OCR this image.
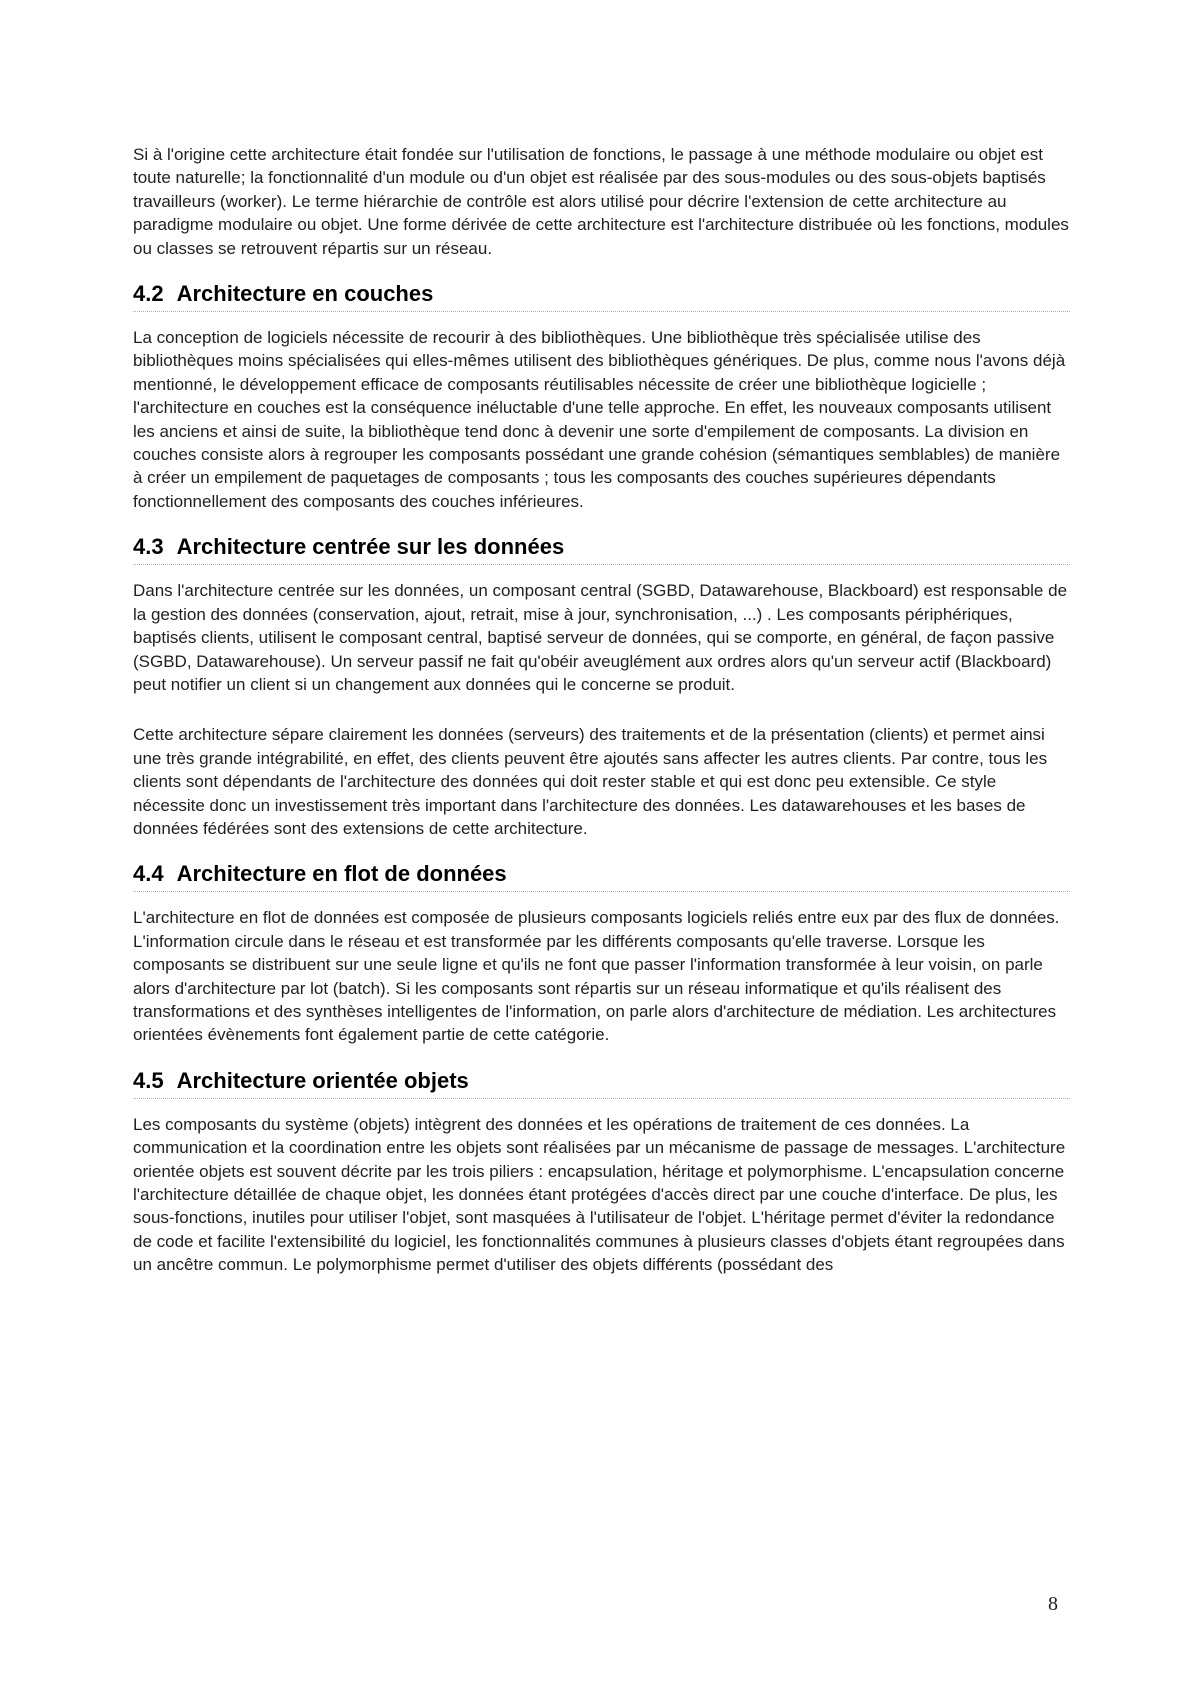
Si à l'origine cette architecture était fondée sur l'utilisation de fonctions, le passage à une méthode modulaire ou objet est toute naturelle; la fonctionnalité d'un module ou d'un objet est réalisée par des sous-modules ou des sous-objets baptisés travailleurs (worker). Le terme hiérarchie de contrôle est alors utilisé pour décrire l'extension de cette architecture au paradigme modulaire ou objet. Une forme dérivée de cette architecture est l'architecture distribuée où les fonctions, modules ou classes se retrouvent répartis sur un réseau.

4.2 Architecture en couches

La conception de logiciels nécessite de recourir à des bibliothèques. Une bibliothèque très spécialisée utilise des bibliothèques moins spécialisées qui elles-mêmes utilisent des bibliothèques génériques. De plus, comme nous l'avons déjà mentionné, le développement efficace de composants réutilisables nécessite de créer une bibliothèque logicielle ; l'architecture en couches est la conséquence inéluctable d'une telle approche. En effet, les nouveaux composants utilisent les anciens et ainsi de suite, la bibliothèque tend donc à devenir une sorte d'empilement de composants. La division en couches consiste alors à regrouper les composants possédant une grande cohésion (sémantiques semblables) de manière à créer un empilement de paquetages de composants ; tous les composants des couches supérieures dépendants fonctionnellement des composants des couches inférieures.

4.3 Architecture centrée sur les données

Dans l'architecture centrée sur les données, un composant central (SGBD, Datawarehouse, Blackboard) est responsable de la gestion des données (conservation, ajout, retrait, mise à jour, synchronisation, ...) . Les composants périphériques, baptisés clients, utilisent le composant central, baptisé serveur de données, qui se comporte, en général, de façon passive (SGBD, Datawarehouse). Un serveur passif ne fait qu'obéir aveuglément aux ordres alors qu'un serveur actif (Blackboard) peut notifier un client si un changement aux données qui le concerne se produit.

Cette architecture sépare clairement les données (serveurs) des traitements et de la présentation (clients) et permet ainsi une très grande intégrabilité, en effet, des clients peuvent être ajoutés sans affecter les autres clients. Par contre, tous les clients sont dépendants de l'architecture des données qui doit rester stable et qui est donc peu extensible. Ce style nécessite donc un investissement très important dans l'architecture des données. Les datawarehouses et les bases de données fédérées sont des extensions de cette architecture.

4.4 Architecture en flot de données

L'architecture en flot de données est composée de plusieurs composants logiciels reliés entre eux par des flux de données. L'information circule dans le réseau et est transformée par les différents composants qu'elle traverse. Lorsque les composants se distribuent sur une seule ligne et qu'ils ne font que passer l'information transformée à leur voisin, on parle alors d'architecture par lot (batch). Si les composants sont répartis sur un réseau informatique et qu'ils réalisent des transformations et des synthèses intelligentes de l'information, on parle alors d'architecture de médiation. Les architectures orientées évènements font également partie de cette catégorie.

4.5 Architecture orientée objets

Les composants du système (objets) intègrent des données et les opérations de traitement de ces données. La communication et la coordination entre les objets sont réalisées par un mécanisme de passage de messages. L'architecture orientée objets est souvent décrite par les trois piliers : encapsulation, héritage et polymorphisme. L'encapsulation concerne l'architecture détaillée de chaque objet, les données étant protégées d'accès direct par une couche d'interface. De plus, les sous-fonctions, inutiles pour utiliser l'objet, sont masquées à l'utilisateur de l'objet. L'héritage permet d'éviter la redondance de code et facilite l'extensibilité du logiciel, les fonctionnalités communes à plusieurs classes d'objets étant regroupées dans un ancêtre commun. Le polymorphisme permet d'utiliser des objets différents (possédant des

8
